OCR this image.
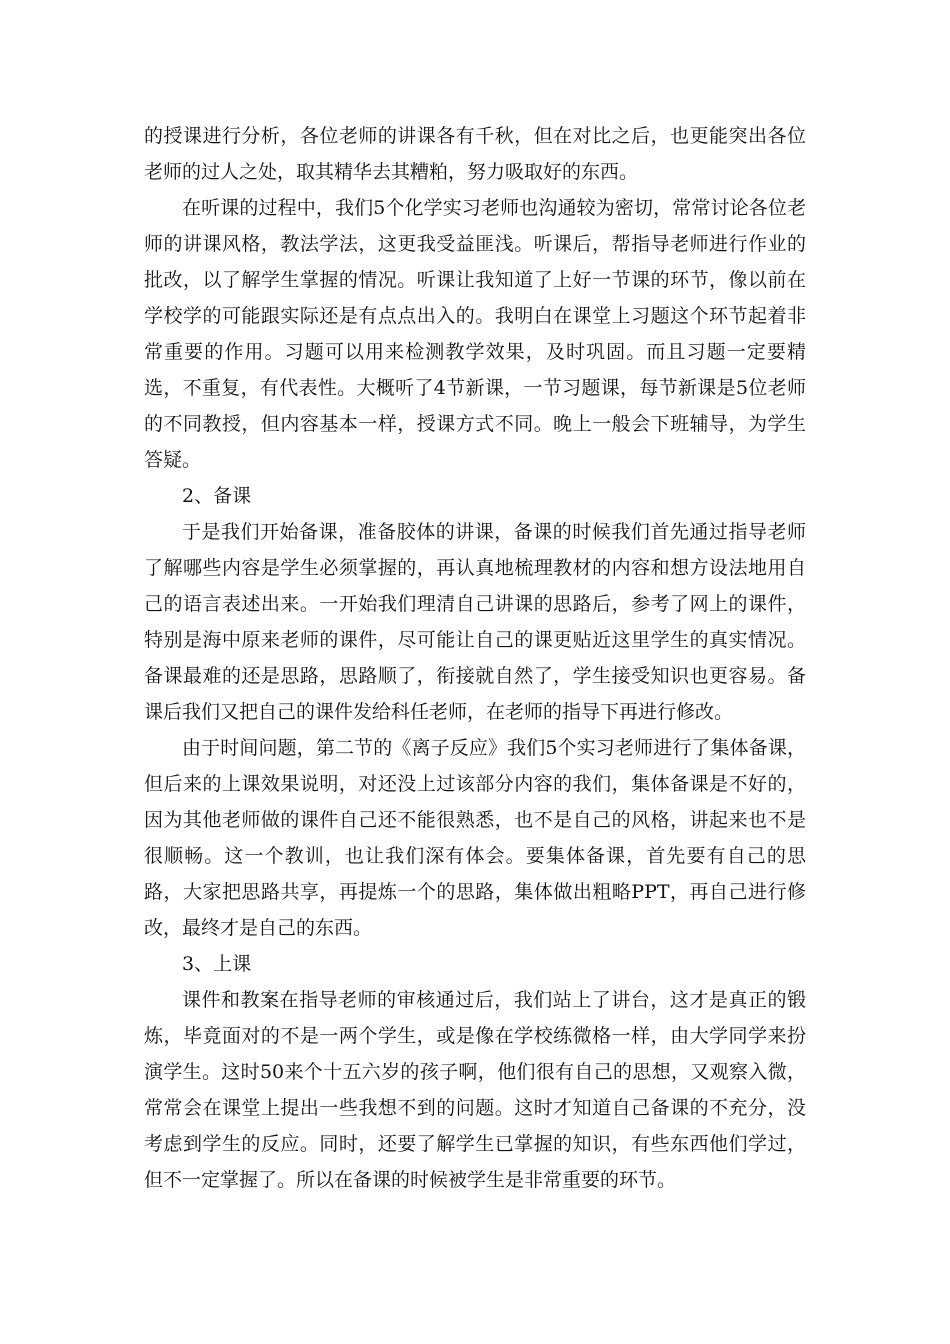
的授课进行分析，各位老师的讲课各有千秋，但在对比之后，也更能突出各位老师的过人之处，取其精华去其糟粕，努力吸取好的东西。

在听课的过程中，我们5个化学实习老师也沟通较为密切，常常讨论各位老师的讲课风格，教法学法，这更我受益匪浅。听课后，帮指导老师进行作业的批改，以了解学生掌握的情况。听课让我知道了上好一节课的环节，像以前在学校学的可能跟实际还是有点点出入的。我明白在课堂上习题这个环节起着非常重要的作用。习题可以用来检测教学效果，及时巩固。而且习题一定要精选，不重复，有代表性。大概听了4节新课，一节习题课，每节新课是5位老师的不同教授，但内容基本一样，授课方式不同。晚上一般会下班辅导，为学生答疑。

2、备课

于是我们开始备课，准备胶体的讲课，备课的时候我们首先通过指导老师了解哪些内容是学生必须掌握的，再认真地梳理教材的内容和想方设法地用自己的语言表述出来。一开始我们理清自己讲课的思路后，参考了网上的课件，特别是海中原来老师的课件，尽可能让自己的课更贴近这里学生的真实情况。备课最难的还是思路，思路顺了，衔接就自然了，学生接受知识也更容易。备课后我们又把自己的课件发给科任老师，在老师的指导下再进行修改。

由于时间问题，第二节的《离子反应》我们5个实习老师进行了集体备课，但后来的上课效果说明，对还没上过该部分内容的我们，集体备课是不好的，因为其他老师做的课件自己还不能很熟悉，也不是自己的风格，讲起来也不是很顺畅。这一个教训，也让我们深有体会。要集体备课，首先要有自己的思路，大家把思路共享，再提炼一个的思路，集体做出粗略PPT，再自己进行修改，最终才是自己的东西。

3、上课

课件和教案在指导老师的审核通过后，我们站上了讲台，这才是真正的锻炼，毕竟面对的不是一两个学生，或是像在学校练微格一样，由大学同学来扮演学生。这时50来个十五六岁的孩子啊，他们很有自己的思想，又观察入微，常常会在课堂上提出一些我想不到的问题。这时才知道自己备课的不充分，没考虑到学生的反应。同时，还要了解学生已掌握的知识，有些东西他们学过，但不一定掌握了。所以在备课的时候被学生是非常重要的环节。
